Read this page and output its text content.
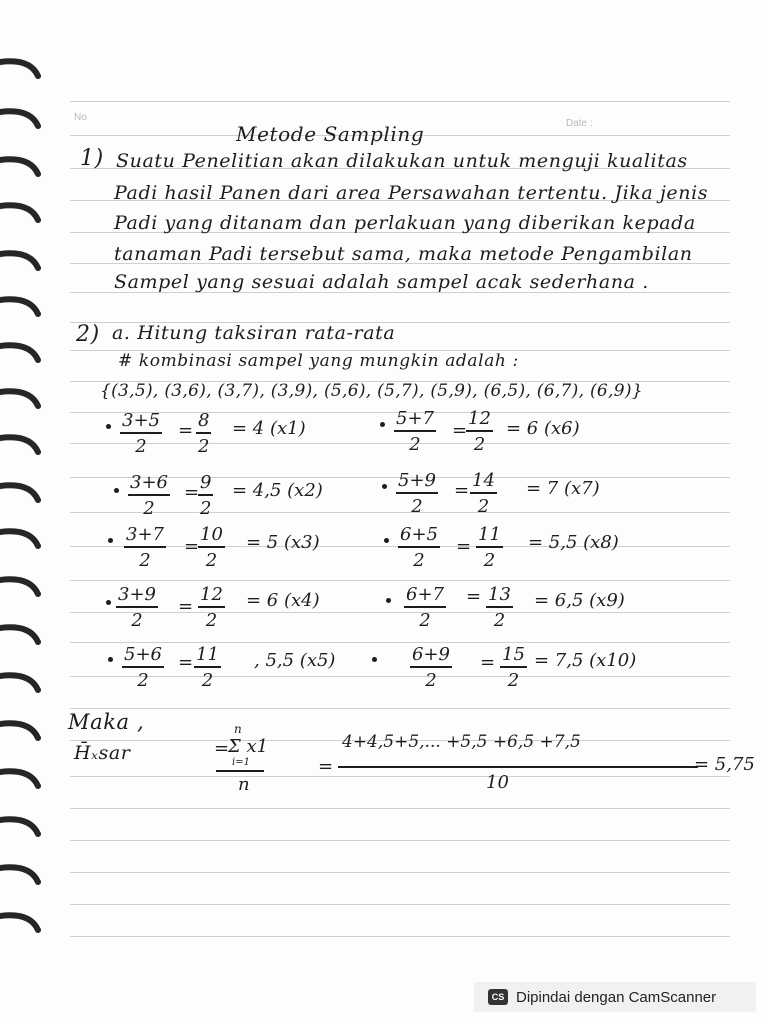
No
Date :
Metode Sampling
1) Suatu Penelitian akan dilakukan untuk menguji kualitas
Padi hasil Panen dari area Persawahan tertentu. Jika jenis
Padi yang ditanam dan perlakuan yang diberikan kepada
tanaman Padi tersebut sama, maka metode Pengambilan
Sampel yang sesuai adalah sampel acak sederhana .
2) a. Hitung taksiran rata-rata
# kombinasi sampel yang mungkin adalah :
{(3,5), (3,6), (3,7), (3,9), (5,6), (5,7), (5,9), (6,5), (6,7), (6,9)}
$\frac{3+5}{2} = \frac{8}{2} = 4$ (x1)
$\frac{3+6}{2}$ =
$\frac{9}{2} = 4,5$ (x2)
$\frac{3+7}{2}$ =
$\frac{10}{2} = 5$ (x3)
$\frac{3+9}{2} = \frac{12}{2} = 6$ (x4)
$\frac{5+6}{2} = \frac{11}{2}$ , 5,5 (x5)
$\frac{5+7}{2}$ =
$\frac{12}{2} = 6$ (x6)
$\frac{5+9}{2} = \frac{14}{2} = 7$ (x7)
$\frac{6+5}{2} = \frac{11}{2} = 5,5$ (x8)
$\frac{6+7}{2} = \frac{13}{2} = 6,5$ (x9)
$\frac{6+9}{2} = \frac{15}{2} = 7,5$ (x10)
Maka ,
H̄ₓsar	=
n
Σ x1
i=1
n
=
4+4,5+5,... +5,5 +6,5 +7,5
10
= 5,75
CS Dipindai dengan CamScanner
